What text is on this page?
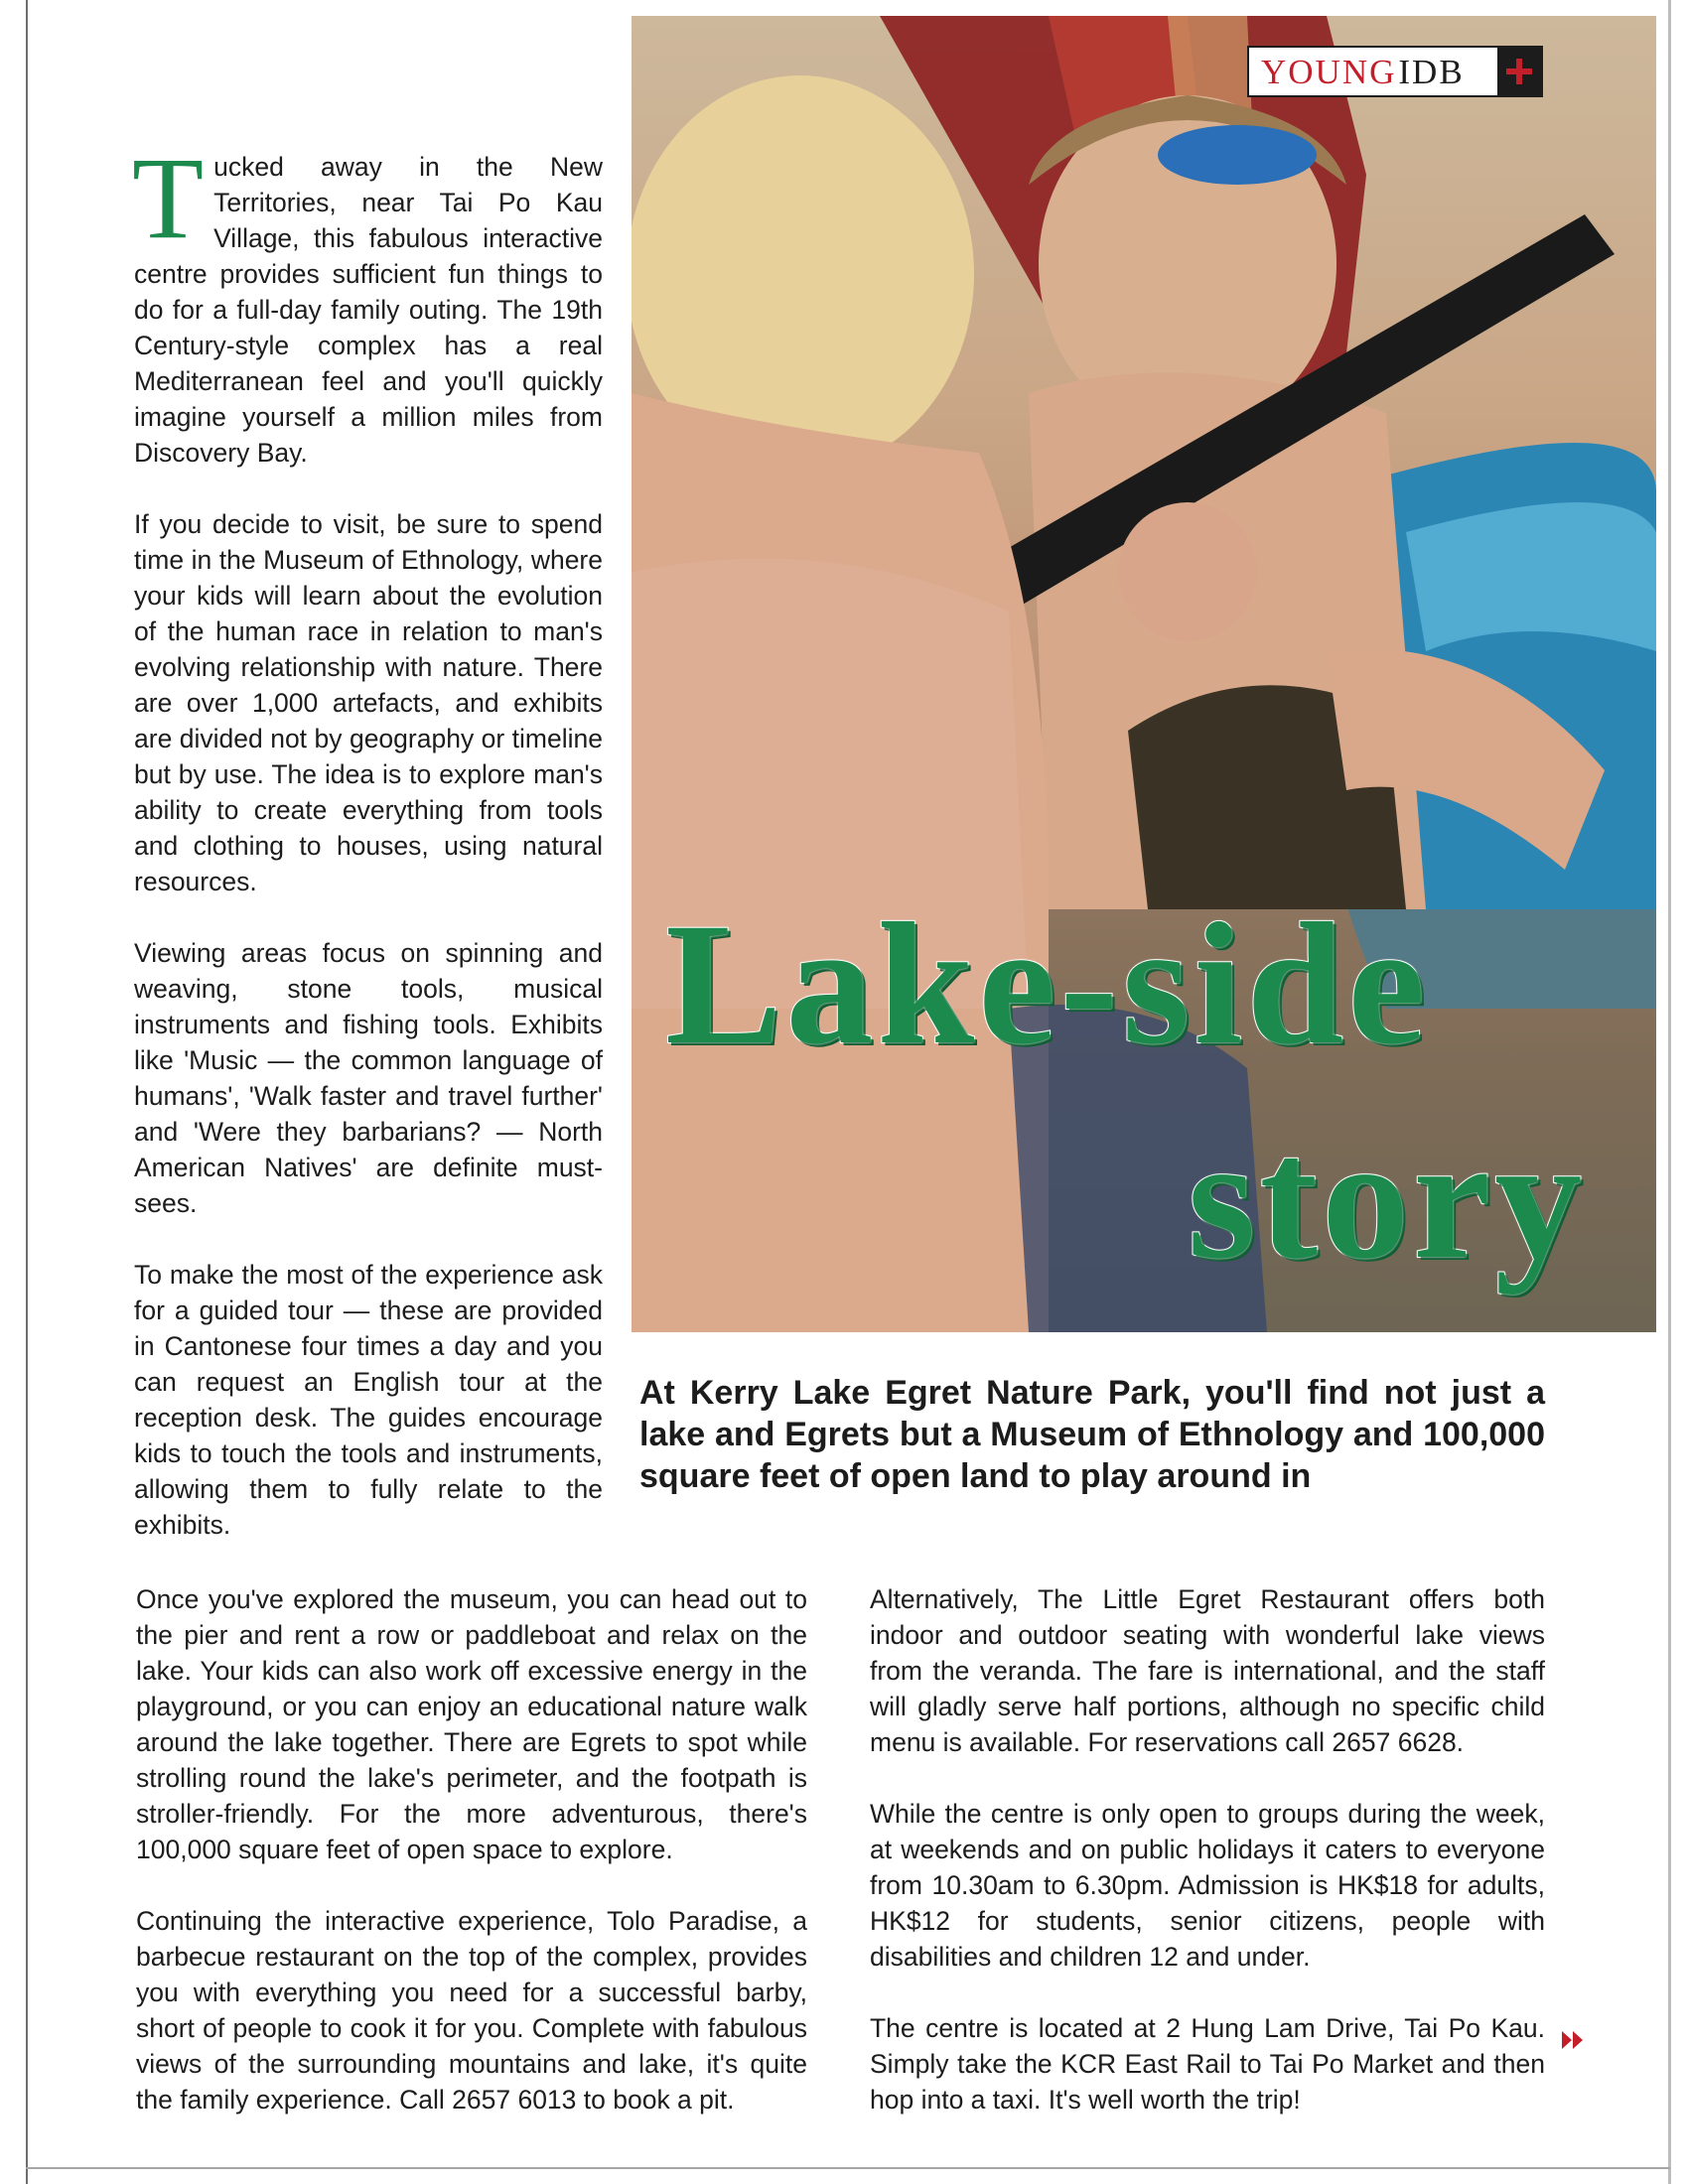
YOUNG IDB
Lake-side
story

Tucked away in the New Territories, near Tai Po Kau Village, this fabulous interactive centre provides sufficient fun things to do for a full-day family outing. The 19th Century-style complex has a real Mediterranean feel and you'll quickly imagine yourself a million miles from Discovery Bay.

If you decide to visit, be sure to spend time in the Museum of Ethnology, where your kids will learn about the evolution of the human race in relation to man's evolving relationship with nature. There are over 1,000 artefacts, and exhibits are divided not by geography or timeline but by use. The idea is to explore man's ability to create everything from tools and clothing to houses, using natural resources.

Viewing areas focus on spinning and weaving, stone tools, musical instruments and fishing tools. Exhibits like 'Music — the common language of humans', 'Walk faster and travel further' and 'Were they barbarians? — North American Natives' are definite must-sees.

To make the most of the experience ask for a guided tour — these are provided in Cantonese four times a day and you can request an English tour at the reception desk. The guides encourage kids to touch the tools and instruments, allowing them to fully relate to the exhibits.

At Kerry Lake Egret Nature Park, you'll find not just a lake and Egrets but a Museum of Ethnology and 100,000 square feet of open land to play around in

Once you've explored the museum, you can head out to the pier and rent a row or paddleboat and relax on the lake. Your kids can also work off excessive energy in the playground, or you can enjoy an educational nature walk around the lake together. There are Egrets to spot while strolling round the lake's perimeter, and the footpath is stroller-friendly. For the more adventurous, there's 100,000 square feet of open space to explore.

Continuing the interactive experience, Tolo Paradise, a barbecue restaurant on the top of the complex, provides you with everything you need for a successful barby, short of people to cook it for you. Complete with fabulous views of the surrounding mountains and lake, it's quite the family experience. Call 2657 6013 to book a pit.

Alternatively, The Little Egret Restaurant offers both indoor and outdoor seating with wonderful lake views from the veranda. The fare is international, and the staff will gladly serve half portions, although no specific child menu is available. For reservations call 2657 6628.

While the centre is only open to groups during the week, at weekends and on public holidays it caters to everyone from 10.30am to 6.30pm. Admission is HK$18 for adults, HK$12 for students, senior citizens, people with disabilities and children 12 and under.

The centre is located at 2 Hung Lam Drive, Tai Po Kau. Simply take the KCR East Rail to Tai Po Market and then hop into a taxi. It's well worth the trip!
